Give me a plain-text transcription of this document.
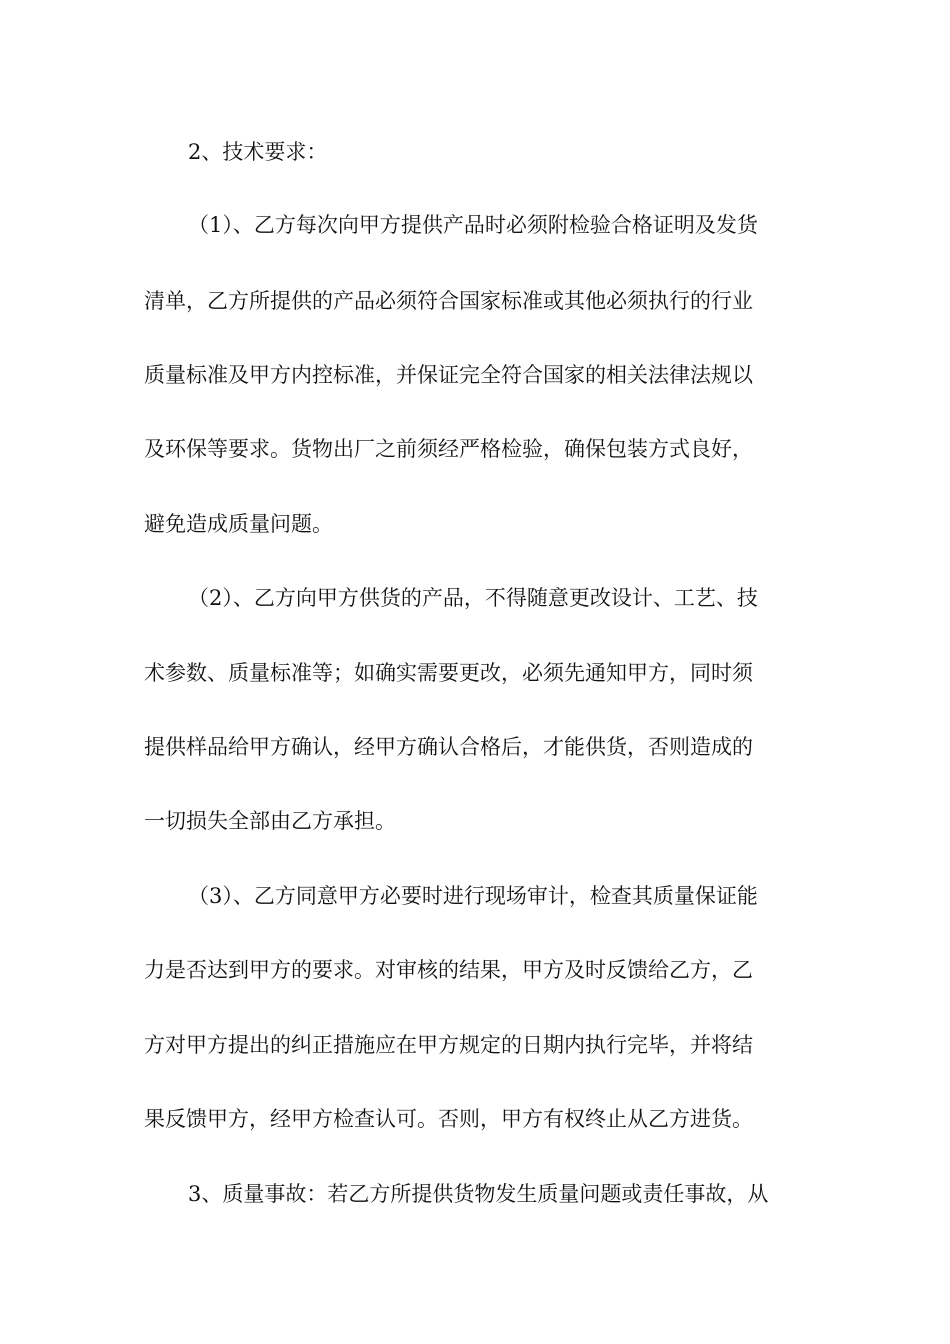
2、技术要求：
（1）、乙方每次向甲方提供产品时必须附检验合格证明及发货
清单，乙方所提供的产品必须符合国家标准或其他必须执行的行业
质量标准及甲方内控标准，并保证完全符合国家的相关法律法规以
及环保等要求。货物出厂之前须经严格检验，确保包装方式良好，
避免造成质量问题。
（2）、乙方向甲方供货的产品，不得随意更改设计、工艺、技
术参数、质量标准等；如确实需要更改，必须先通知甲方，同时须
提供样品给甲方确认，经甲方确认合格后，才能供货，否则造成的
一切损失全部由乙方承担。
（3）、乙方同意甲方必要时进行现场审计，检查其质量保证能
力是否达到甲方的要求。对审核的结果，甲方及时反馈给乙方，乙
方对甲方提出的纠正措施应在甲方规定的日期内执行完毕，并将结
果反馈甲方，经甲方检查认可。否则，甲方有权终止从乙方进货。
3、质量事故：若乙方所提供货物发生质量问题或责任事故，从
